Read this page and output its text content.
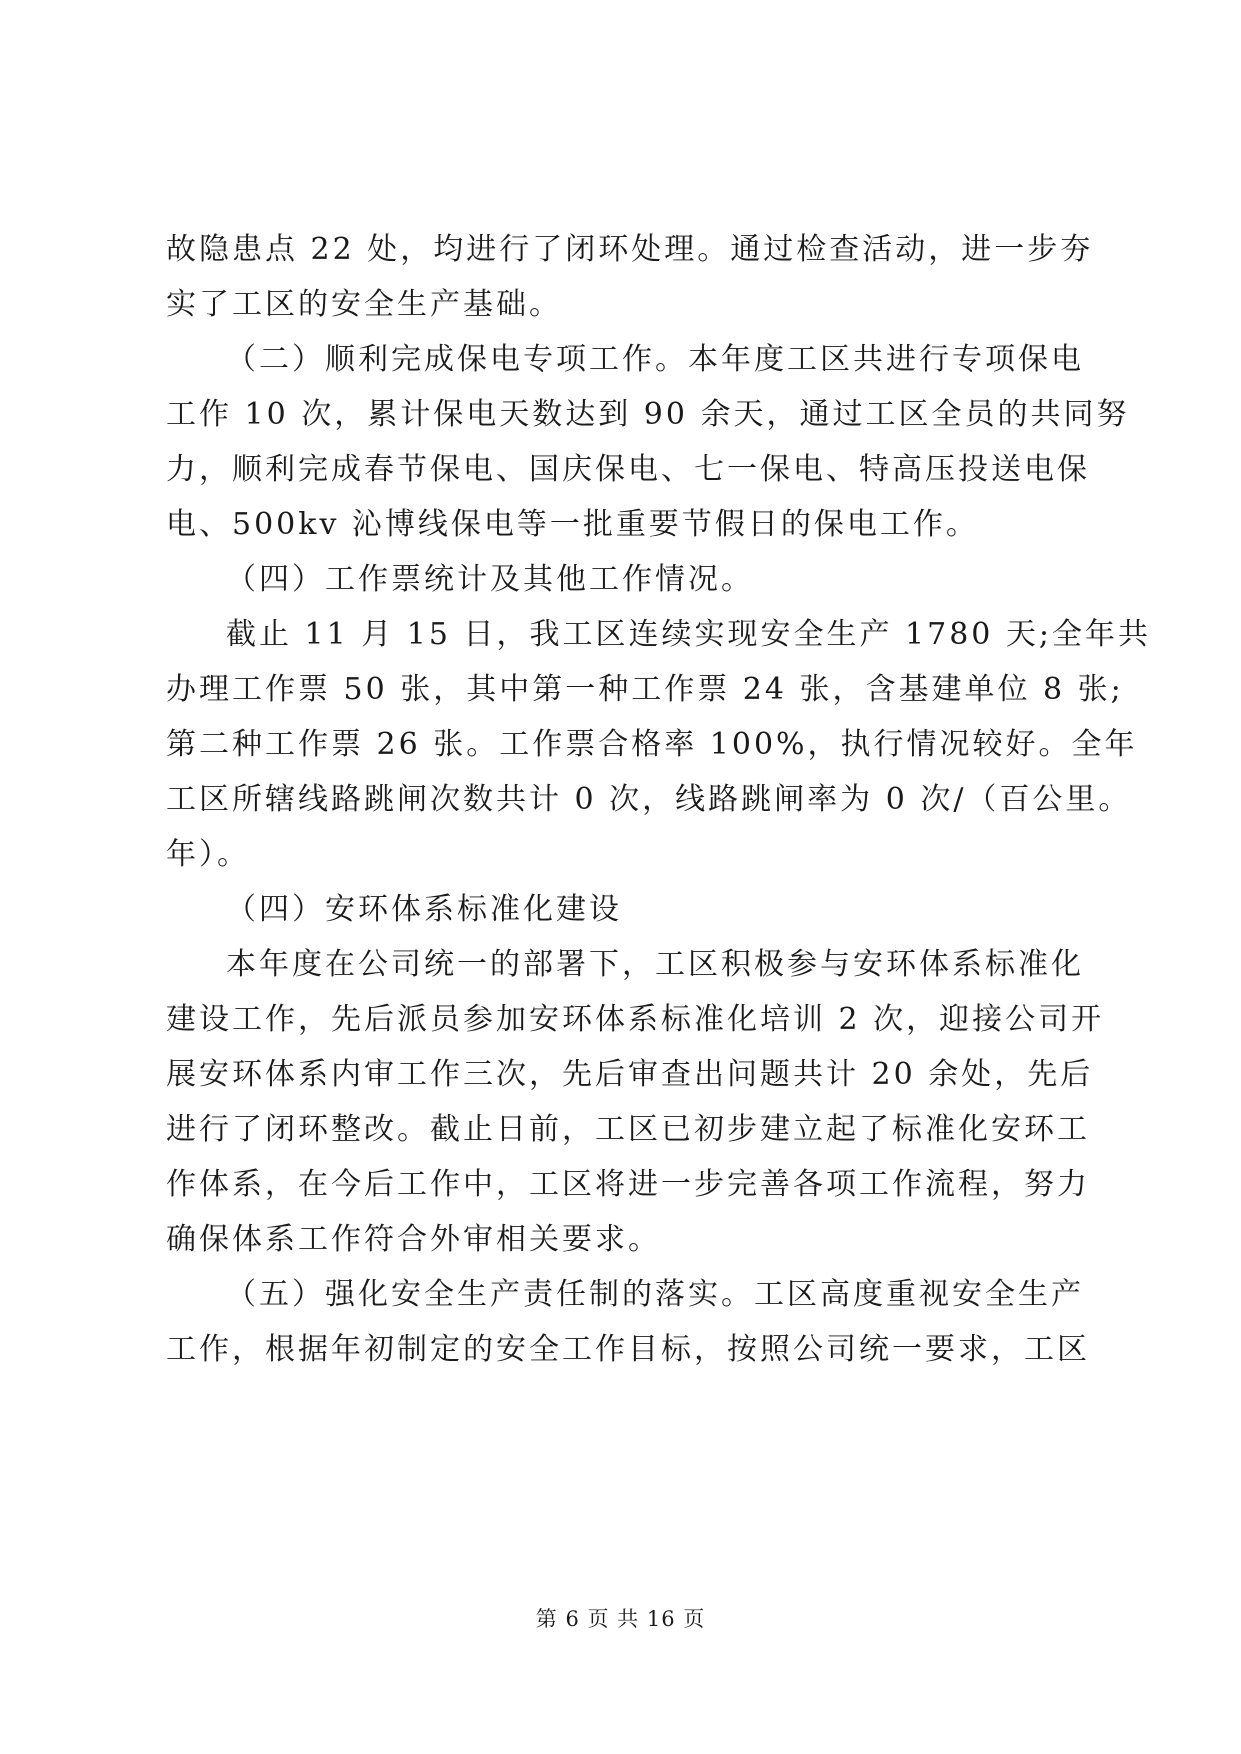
故隐患点 22 处，均进行了闭环处理。通过检查活动，进一步夯
实了工区的安全生产基础。
（二）顺利完成保电专项工作。本年度工区共进行专项保电
工作 10 次，累计保电天数达到 90 余天，通过工区全员的共同努
力，顺利完成春节保电、国庆保电、七一保电、特高压投送电保
电、500kv 沁博线保电等一批重要节假日的保电工作。
（四）工作票统计及其他工作情况。
截止 11 月 15 日，我工区连续实现安全生产 1780 天;全年共
办理工作票 50 张，其中第一种工作票 24 张，含基建单位 8 张;
第二种工作票 26 张。工作票合格率 100%，执行情况较好。全年
工区所辖线路跳闸次数共计 0 次，线路跳闸率为 0 次/（百公里。
年）。
（四）安环体系标准化建设
本年度在公司统一的部署下，工区积极参与安环体系标准化
建设工作，先后派员参加安环体系标准化培训 2 次，迎接公司开
展安环体系内审工作三次，先后审查出问题共计 20 余处，先后
进行了闭环整改。截止日前，工区已初步建立起了标准化安环工
作体系，在今后工作中，工区将进一步完善各项工作流程，努力
确保体系工作符合外审相关要求。
（五）强化安全生产责任制的落实。工区高度重视安全生产
工作，根据年初制定的安全工作目标，按照公司统一要求，工区
第 6 页 共 16 页
